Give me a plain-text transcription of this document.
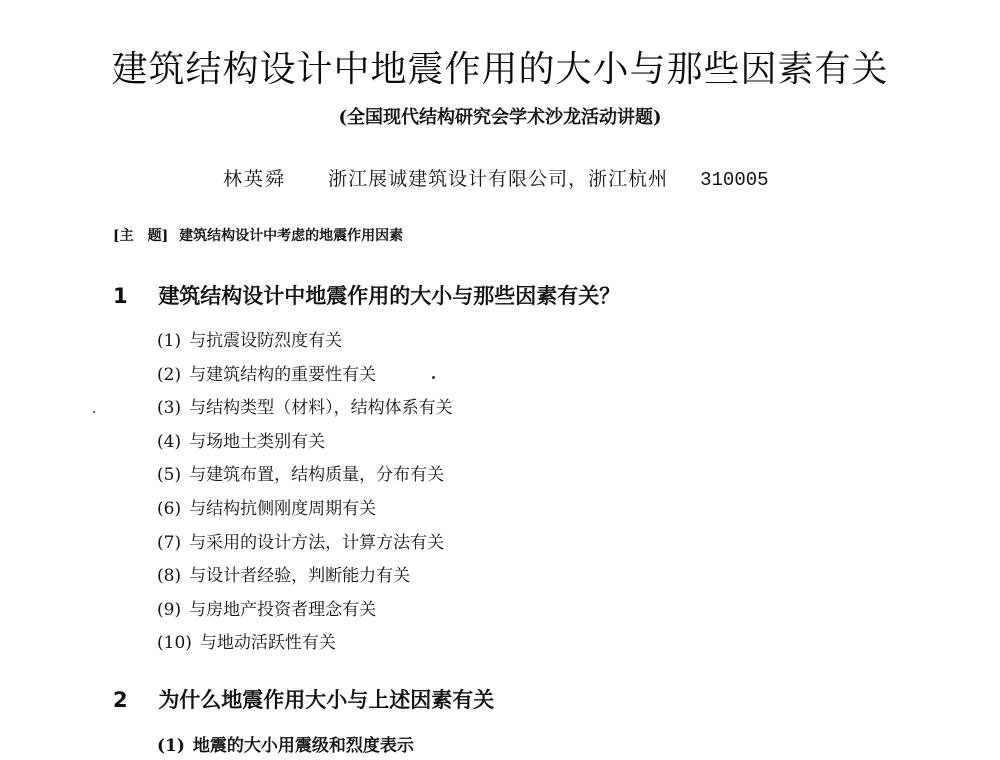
建筑结构设计中地震作用的大小与那些因素有关
(全国现代结构研究会学术沙龙活动讲题)
林英舜 浙江展诚建筑设计有限公司，浙江杭州 310005
[主　题] 建筑结构设计中考虑的地震作用因素
1 建筑结构设计中地震作用的大小与那些因素有关？
(1) 与抗震设防烈度有关
(2) 与建筑结构的重要性有关
(3) 与结构类型（材料），结构体系有关
(4) 与场地土类别有关
(5) 与建筑布置，结构质量，分布有关
(6) 与结构抗侧刚度周期有关
(7) 与采用的设计方法，计算方法有关
(8) 与设计者经验，判断能力有关
(9) 与房地产投资者理念有关
(10) 与地动活跃性有关
2 为什么地震作用大小与上述因素有关
(1) 地震的大小用震级和烈度表示
